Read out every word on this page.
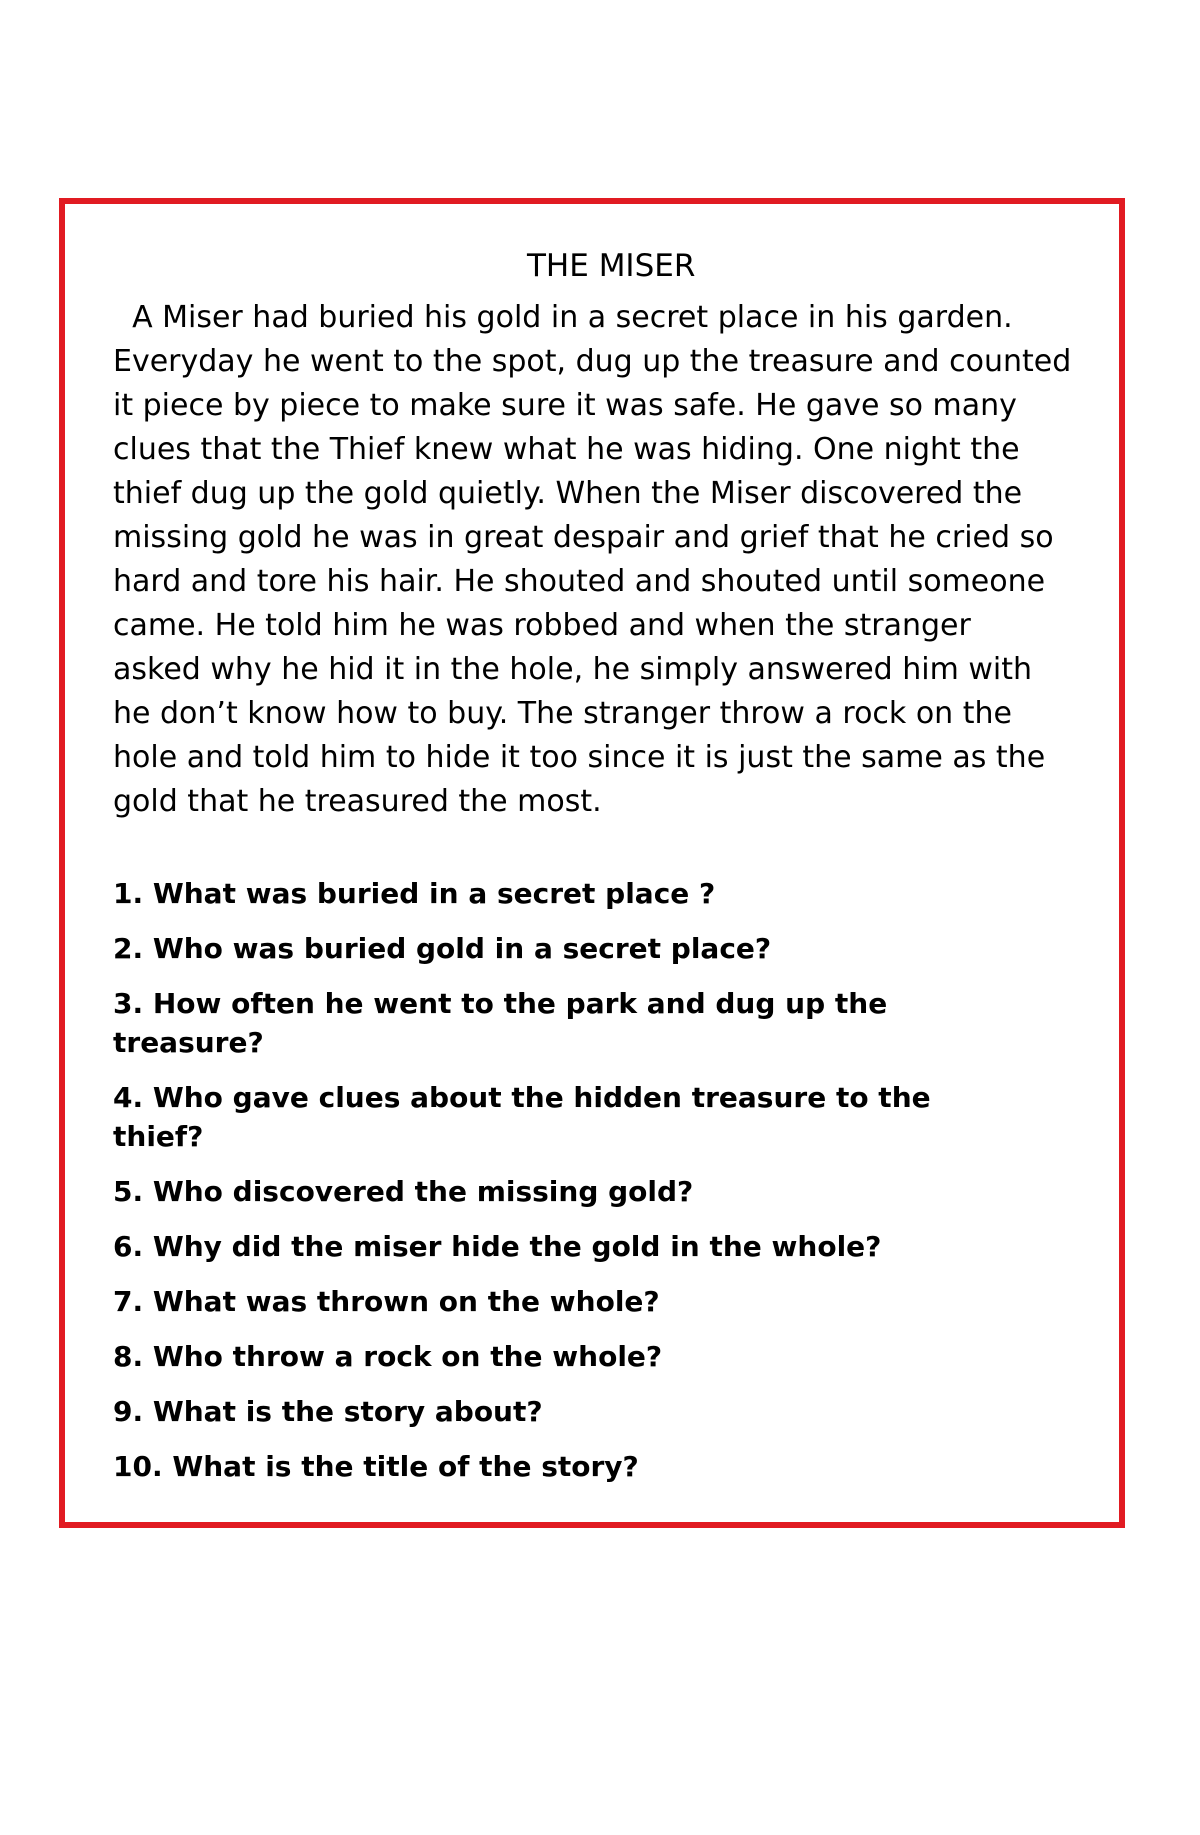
THE MISER
A Miser had buried his gold in a secret place in his garden.
Everyday he went to the spot, dug up the treasure and counted
it piece by piece to make sure it was safe. He gave so many
clues that the Thief knew what he was hiding. One night the
thief dug up the gold quietly. When the Miser discovered the
missing gold he was in great despair and grief that he cried so
hard and tore his hair. He shouted and shouted until someone
came. He told him he was robbed and when the stranger
asked why he hid it in the hole, he simply answered him with
he don’t know how to buy. The stranger throw a rock on the
hole and told him to hide it too since it is just the same as the
gold that he treasured the most.
1. What was buried in a secret place ?
2. Who was buried gold in a secret place?
3. How often he went to the park and dug up the
treasure?
4. Who gave clues about the hidden treasure to the
thief?
5. Who discovered the missing gold?
6. Why did the miser hide the gold in the whole?
7. What was thrown on the whole?
8. Who throw a rock on the whole?
9. What is the story about?
10. What is the title of the story?
